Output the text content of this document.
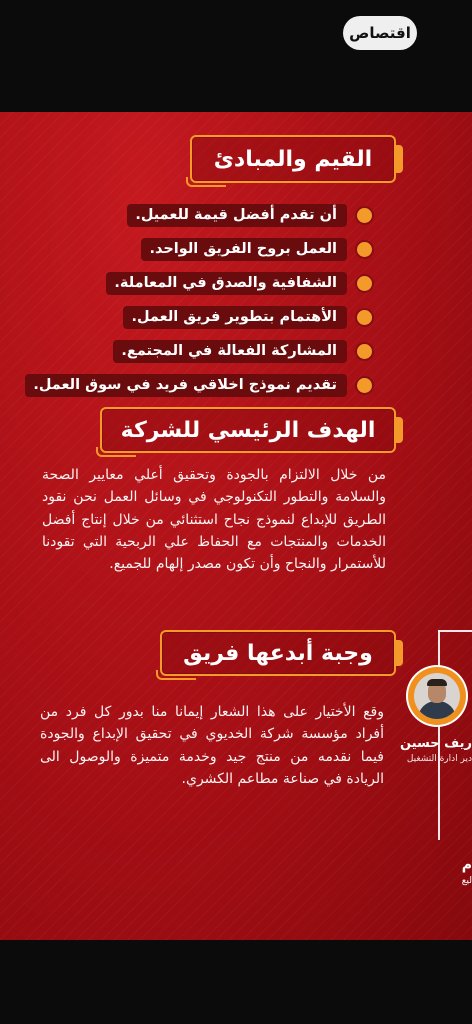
اقتصاص
القيم والمبادئ
أن تقدم أفضل قيمة للعميل.
العمل بروح الفريق الواحد.
الشفافية والصدق في المعاملة.
الأهتمام بتطوير فريق العمل.
المشاركة الفعالة في المجتمع.
تقديم نموذج اخلاقي فريد في سوق العمل.
الهدف الرئيسي للشركة
من خلال الالتزام بالجودة وتحقيق أعلي معايير الصحة والسلامة والتطور التكنولوجي في وسائل العمل نحن نقود الطريق للإبداع لنموذج نجاح استثنائي من خلال إنتاج أفضل الخدمات والمنتجات مع الحفاظ علي الربحية التي تقودنا للأستمرار والنجاح وأن تكون مصدر إلهام للجميع.
وجبة أبدعها فريق
وقع الأختيار على هذا الشعار إيمانا منا بدور كل فرد من أفراد مؤسسة شركة الخديوي في تحقيق الإبداع والجودة فيما نقدمه من منتج جيد وخدمة متميزة والوصول الى الريادة في صناعة مطاعم الكشري.
ريف حسين
دير ادارة التشغيل
م
ليع
